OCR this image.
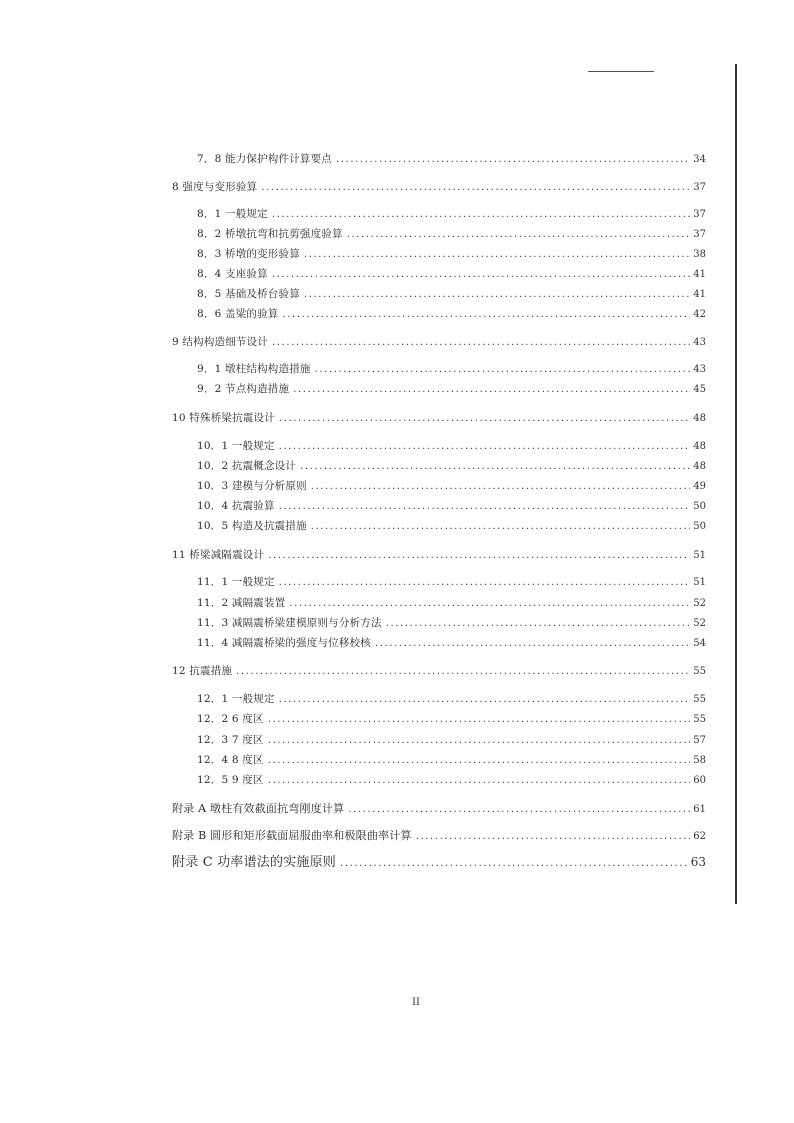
7．8 能力保护构件计算要点 .....	34
8 强度与变形验算 .....	37
8．1 一般规定 .....	37
8．2 桥墩抗弯和抗剪强度验算 .....	37
8．3 桥墩的变形验算 .....	38
8．4 支座验算 .....	41
8．5 基础及桥台验算 .....	41
8．6 盖梁的验算 .....	42
9 结构构造细节设计 .....	43
9．1 墩柱结构构造措施 .....	43
9．2 节点构造措施 .....	45
10 特殊桥梁抗震设计 .....	48
10．1 一般规定 .....	48
10．2 抗震概念设计 .....	48
10．3 建模与分析原则 .....	49
10．4 抗震验算 .....	50
10．5 构造及抗震措施 .....	50
11 桥梁减隔震设计 .....	51
11．1 一般规定 .....	51
11．2 减隔震装置 .....	52
11．3 减隔震桥梁建模原则与分析方法 .....	52
11．4 减隔震桥梁的强度与位移校核 .....	54
12 抗震措施 .....	55
12．1 一般规定 .....	55
12．2 6 度区 .....	55
12．3 7 度区 .....	57
12．4 8 度区 .....	58
12．5 9 度区 .....	60
附录 A 墩柱有效截面抗弯刚度计算 .....	61
附录 B 圆形和矩形截面屈服曲率和极限曲率计算 .....	62
附录 C 功率谱法的实施原则 .....	63
II
